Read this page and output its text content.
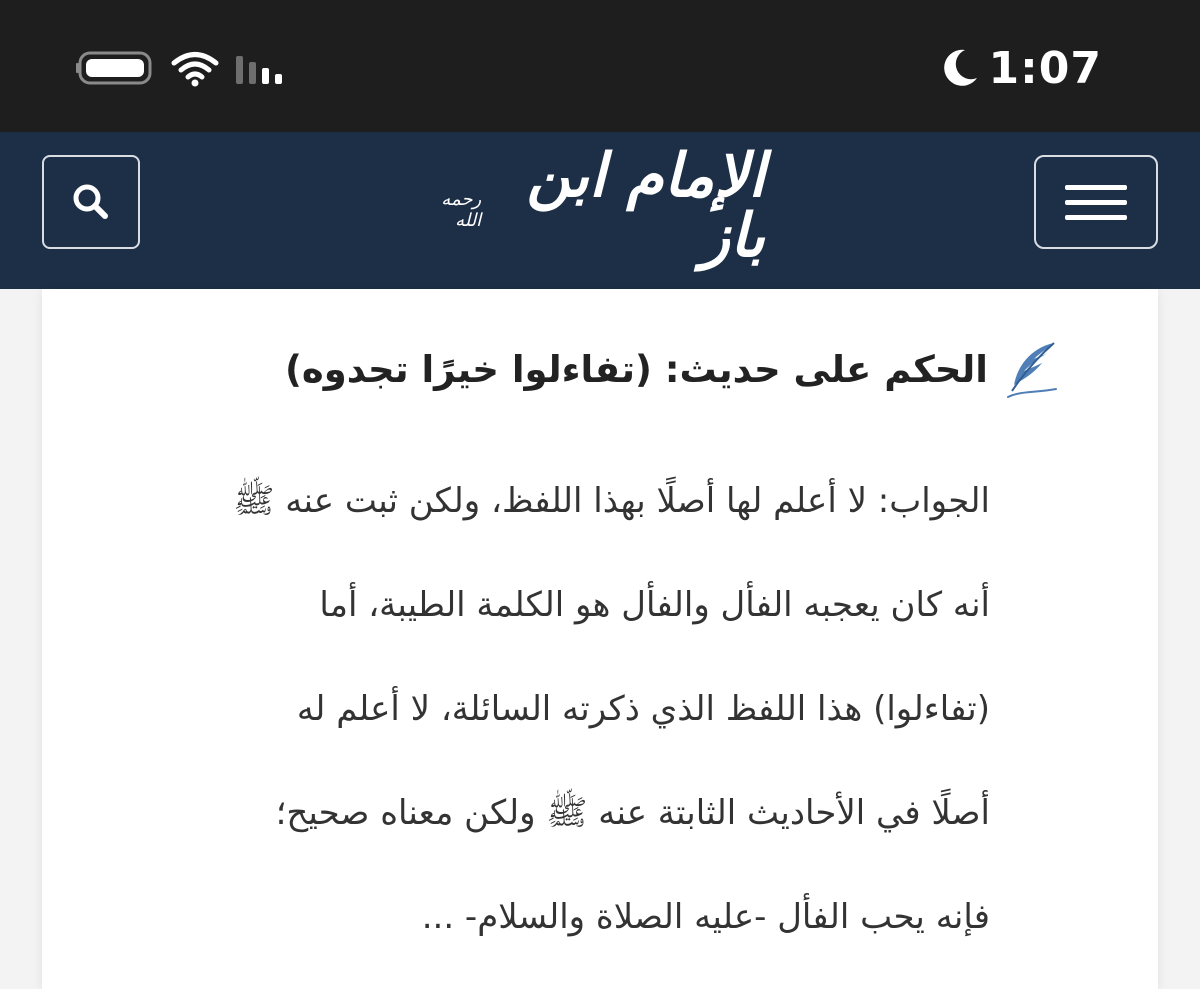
1:07
الإمام ابن باز
رحمه الله
الحكم على حديث: (تفاءلوا خيرًا تجدوه)
الجواب: لا أعلم لها أصلًا بهذا اللفظ، ولكن ثبت عنه ﷺ
أنه كان يعجبه الفأل والفأل هو الكلمة الطيبة، أما
(تفاءلوا) هذا اللفظ الذي ذكرته السائلة، لا أعلم له
أصلًا في الأحاديث الثابتة عنه ﷺ ولكن معناه صحيح؛
فإنه يحب الفأل -عليه الصلاة والسلام- ...
